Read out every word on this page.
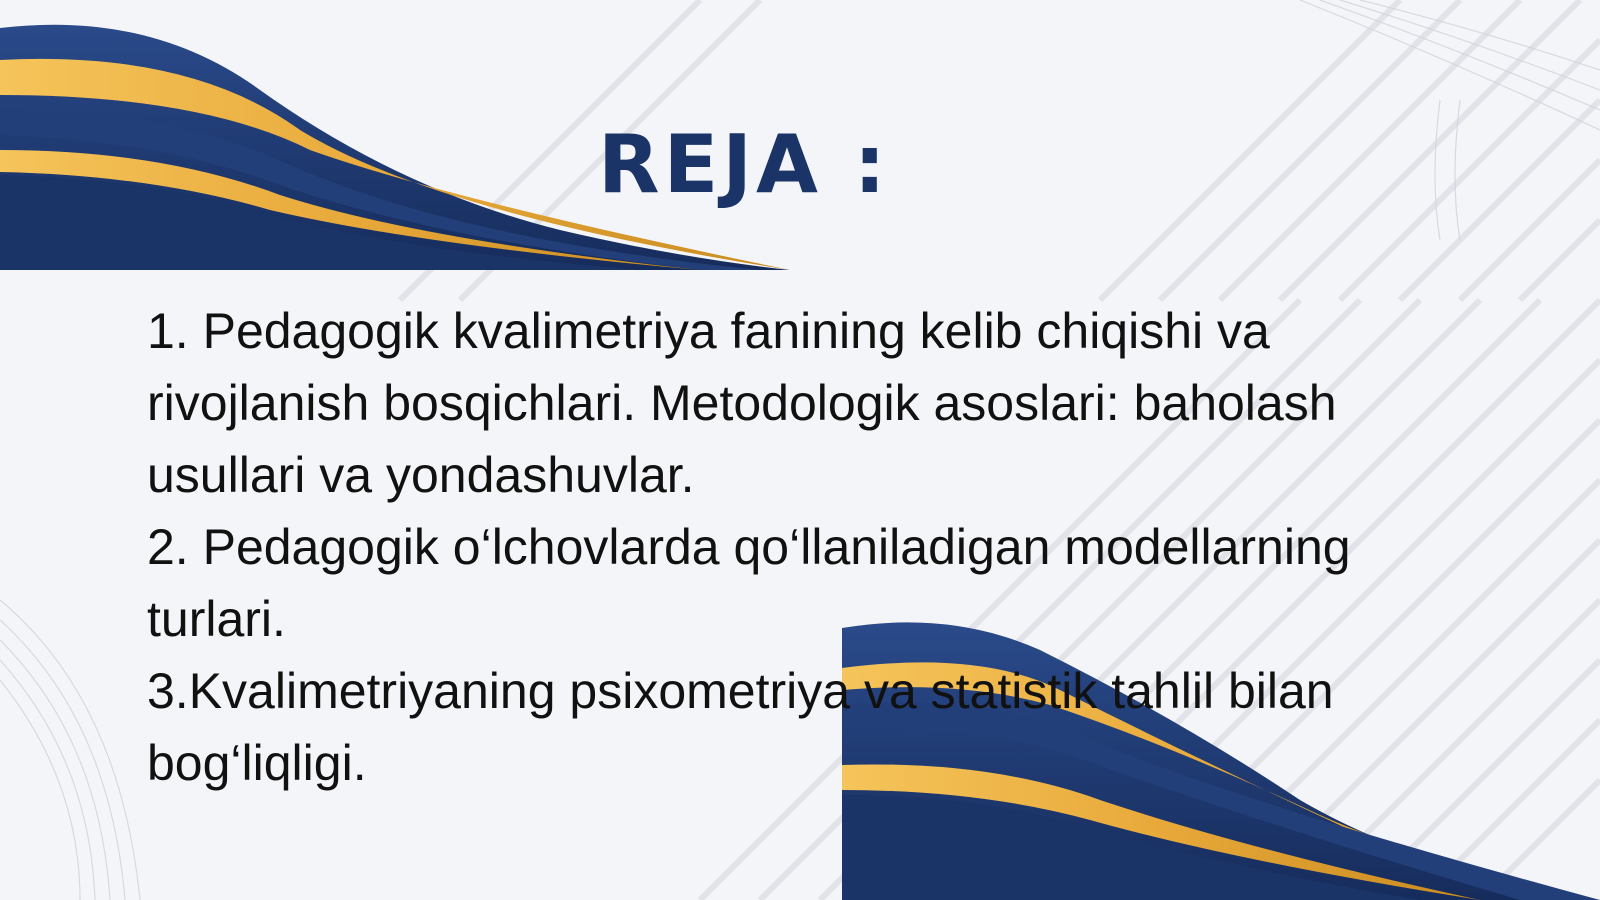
REJA :
1. Pedagogik kvalimetriya fanining kelib chiqishi va
rivojlanish bosqichlari. Metodologik asoslari: baholash
usullari va yondashuvlar.
2. Pedagogik o‘lchovlarda qo‘llaniladigan modellarning
turlari.
3.Kvalimetriyaning psixometriya va statistik tahlil bilan
bog‘liqligi.
